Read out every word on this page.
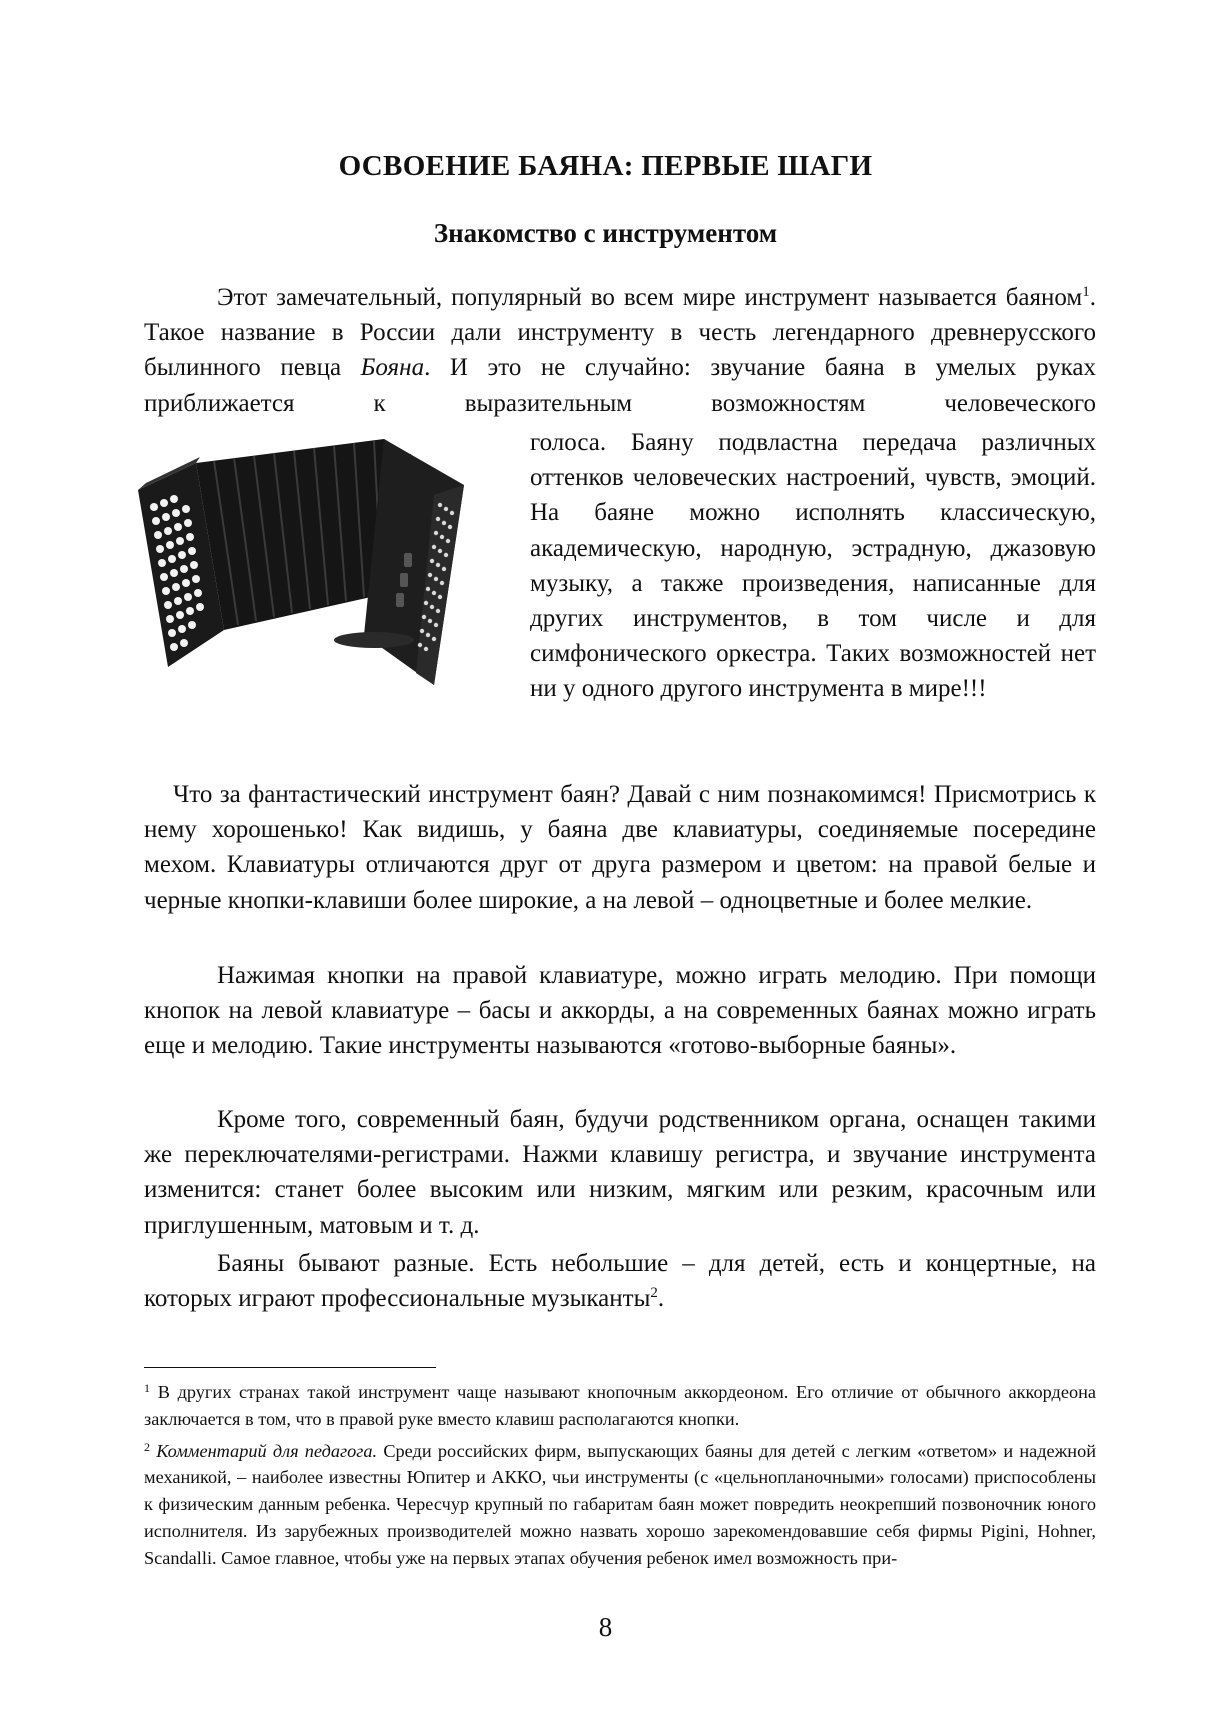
ОСВОЕНИЕ БАЯНА: ПЕРВЫЕ ШАГИ
Знакомство с инструментом
Этот замечательный, популярный во всем мире инструмент называется баяном$^1$. Такое название в России дали инструменту в честь легендарного древнерусского былинного певца Бояна. И это не случайно: звучание баяна в умелых руках приближается к выразительным возможностям человеческого

голоса. Баяну подвластна передача различных оттенков человеческих настроений, чувств, эмоций. На баяне можно исполнять классическую, академическую, народную, эстрадную, джазовую музыку, а также произведения, написанные для других инструментов, в том числе и для симфонического оркестра. Таких возможностей нет ни у одного другого инструмента в мире!!!

Что за фантастический инструмент баян? Давай с ним познакомимся! Присмотрись к нему хорошенько! Как видишь, у баяна две клавиатуры, соединяемые посередине мехом. Клавиатуры отличаются друг от друга размером и цветом: на правой белые и черные кнопки-клавиши более широкие, а на левой – одноцветные и более мелкие.

Нажимая кнопки на правой клавиатуре, можно играть мелодию. При помощи кнопок на левой клавиатуре – басы и аккорды, а на современных баянах можно играть еще и мелодию. Такие инструменты называются «готово-выборные баяны».

Кроме того, современный баян, будучи родственником органа, оснащен такими же переключателями-регистрами. Нажми клавишу регистра, и звучание инструмента изменится: станет более высоким или низким, мягким или резким, красочным или приглушенным, матовым и т. д.

Баяны бывают разные. Есть небольшие – для детей, есть и концертные, на которых играют профессиональные музыканты$^2$.

$^1$ В других странах такой инструмент чаще называют кнопочным аккордеоном. Его отличие от обычного аккордеона заключается в том, что в правой руке вместо клавиш располагаются кнопки.

$^2$ Комментарий для педагога. Среди российских фирм, выпускающих баяны для детей с легким «ответом» и надежной механикой, – наиболее известны Юпитер и АККО, чьи инструменты (с «цельнопланочными» голосами) приспособлены к физическим данным ребенка. Чересчур крупный по габаритам баян может повредить неокрепший позвоночник юного исполнителя. Из зарубежных производителей можно назвать хорошо зарекомендовавшие себя фирмы Pigini, Hohner, Scandalli. Самое главное, чтобы уже на первых этапах обучения ребенок имел возможность при-

8
